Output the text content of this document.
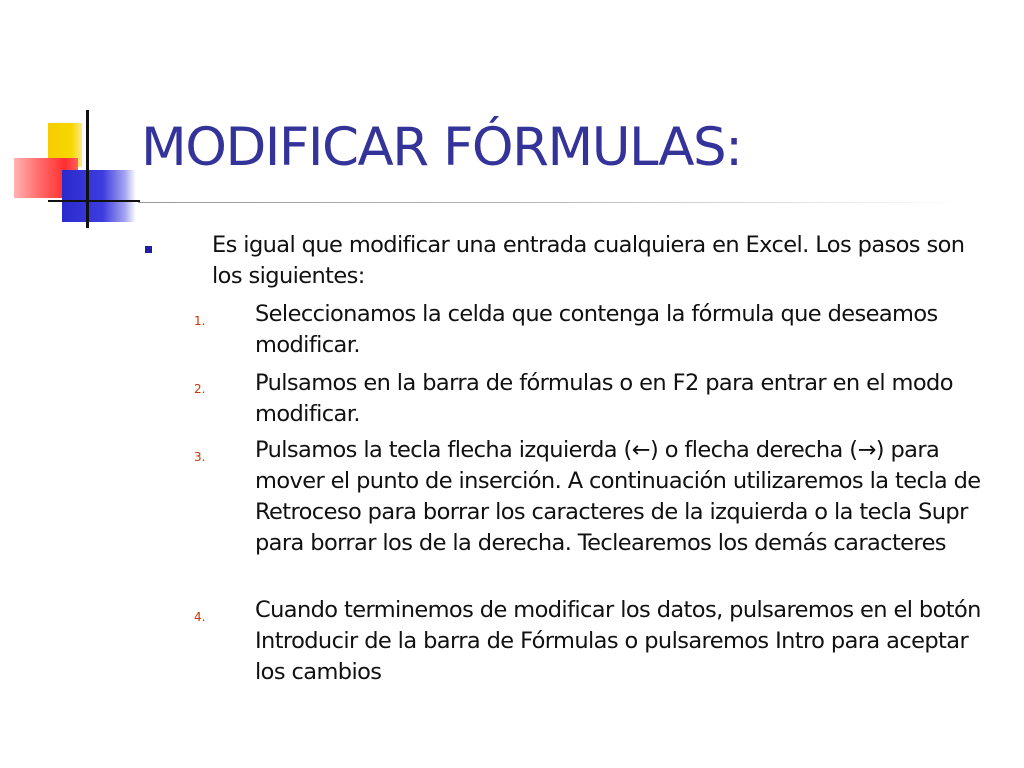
MODIFICAR FÓRMULAS:

Es igual que modificar una entrada cualquiera en Excel. Los pasos son los siguientes:

1. Seleccionamos la celda que contenga la fórmula que deseamos modificar.

2. Pulsamos en la barra de fórmulas o en F2 para entrar en el modo modificar.

3. Pulsamos la tecla flecha izquierda (←) o flecha derecha (→) para mover el punto de inserción. A continuación utilizaremos la tecla de Retroceso para borrar los caracteres de la izquierda o la tecla Supr para borrar los de la derecha. Teclearemos los demás caracteres

4. Cuando terminemos de modificar los datos, pulsaremos en el botón Introducir de la barra de Fórmulas o pulsaremos Intro para aceptar los cambios
